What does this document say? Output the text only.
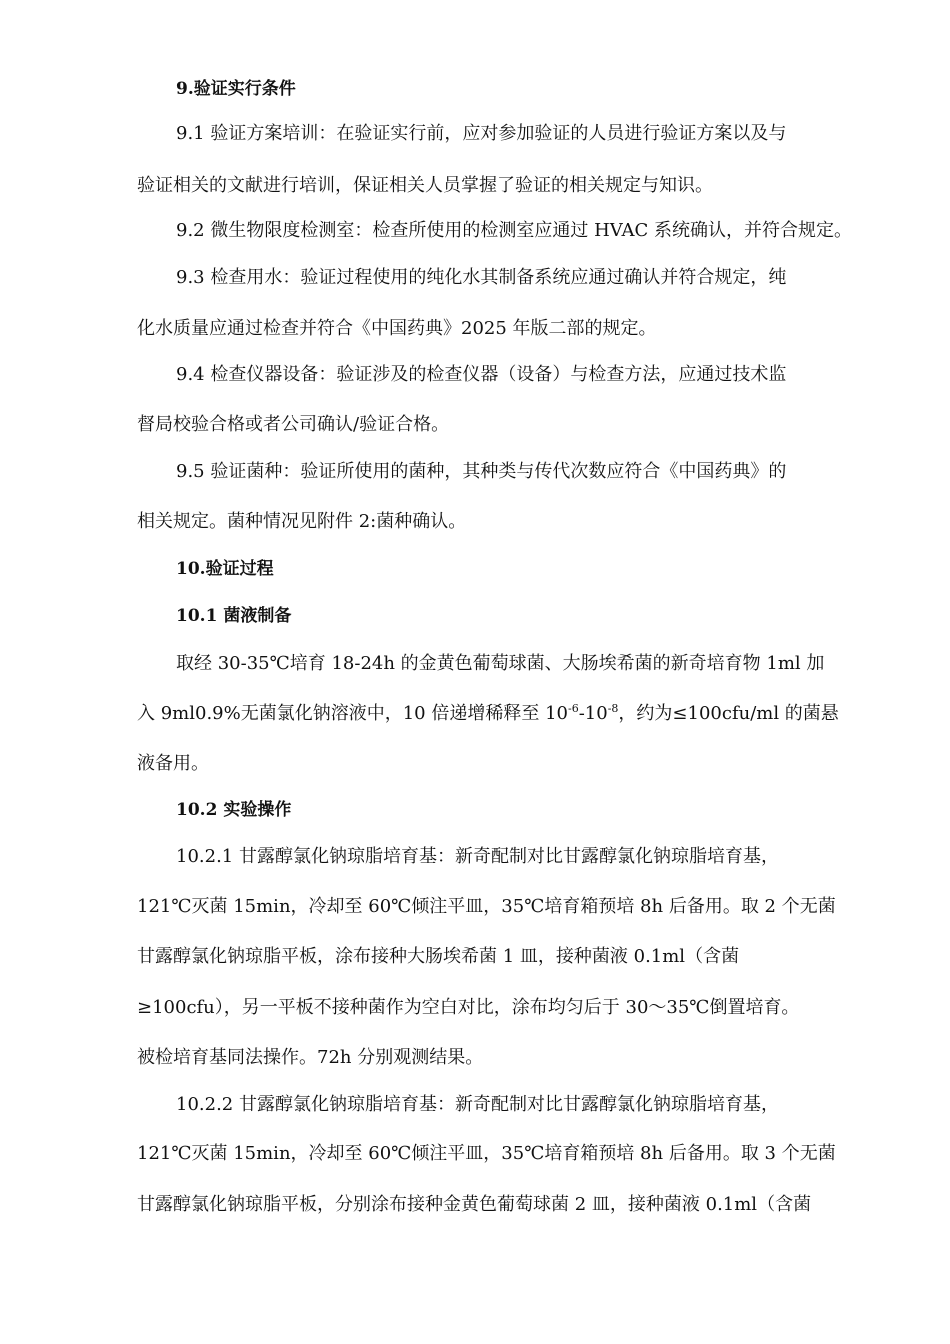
9.验证实行条件
9.1 验证方案培训：在验证实行前，应对参加验证的人员进行验证方案以及与
验证相关的文献进行培训，保证相关人员掌握了验证的相关规定与知识。
9.2 微生物限度检测室：检查所使用的检测室应通过 HVAC 系统确认，并符合规定。
9.3 检查用水：验证过程使用的纯化水其制备系统应通过确认并符合规定，纯
化水质量应通过检查并符合《中国药典》2025 年版二部的规定。
9.4 检查仪器设备：验证涉及的检查仪器（设备）与检查方法，应通过技术监
督局校验合格或者公司确认/验证合格。
9.5 验证菌种：验证所使用的菌种，其种类与传代次数应符合《中国药典》的
相关规定。菌种情况见附件 2:菌种确认。
10.验证过程
10.1 菌液制备
取经 30-35℃培育 18-24h 的金黄色葡萄球菌、大肠埃希菌的新奇培育物 1ml 加
入 9ml0.9%无菌氯化钠溶液中，10 倍递增稀释至 $10^{-6}-10^{-8}$，约为≤100cfu/ml 的菌悬
液备用。
10.2 实验操作
10.2.1 甘露醇氯化钠琼脂培育基：新奇配制对比甘露醇氯化钠琼脂培育基，
121℃灭菌 15min，冷却至 60℃倾注平皿，35℃培育箱预培 8h 后备用。取 2 个无菌
甘露醇氯化钠琼脂平板，涂布接种大肠埃希菌 1 皿，接种菌液 0.1ml（含菌
≥100cfu），另一平板不接种菌作为空白对比，涂布均匀后于 30～35℃倒置培育。
被检培育基同法操作。72h 分别观测结果。
10.2.2 甘露醇氯化钠琼脂培育基：新奇配制对比甘露醇氯化钠琼脂培育基，
121℃灭菌 15min，冷却至 60℃倾注平皿，35℃培育箱预培 8h 后备用。取 3 个无菌
甘露醇氯化钠琼脂平板，分别涂布接种金黄色葡萄球菌 2 皿，接种菌液 0.1ml（含菌
